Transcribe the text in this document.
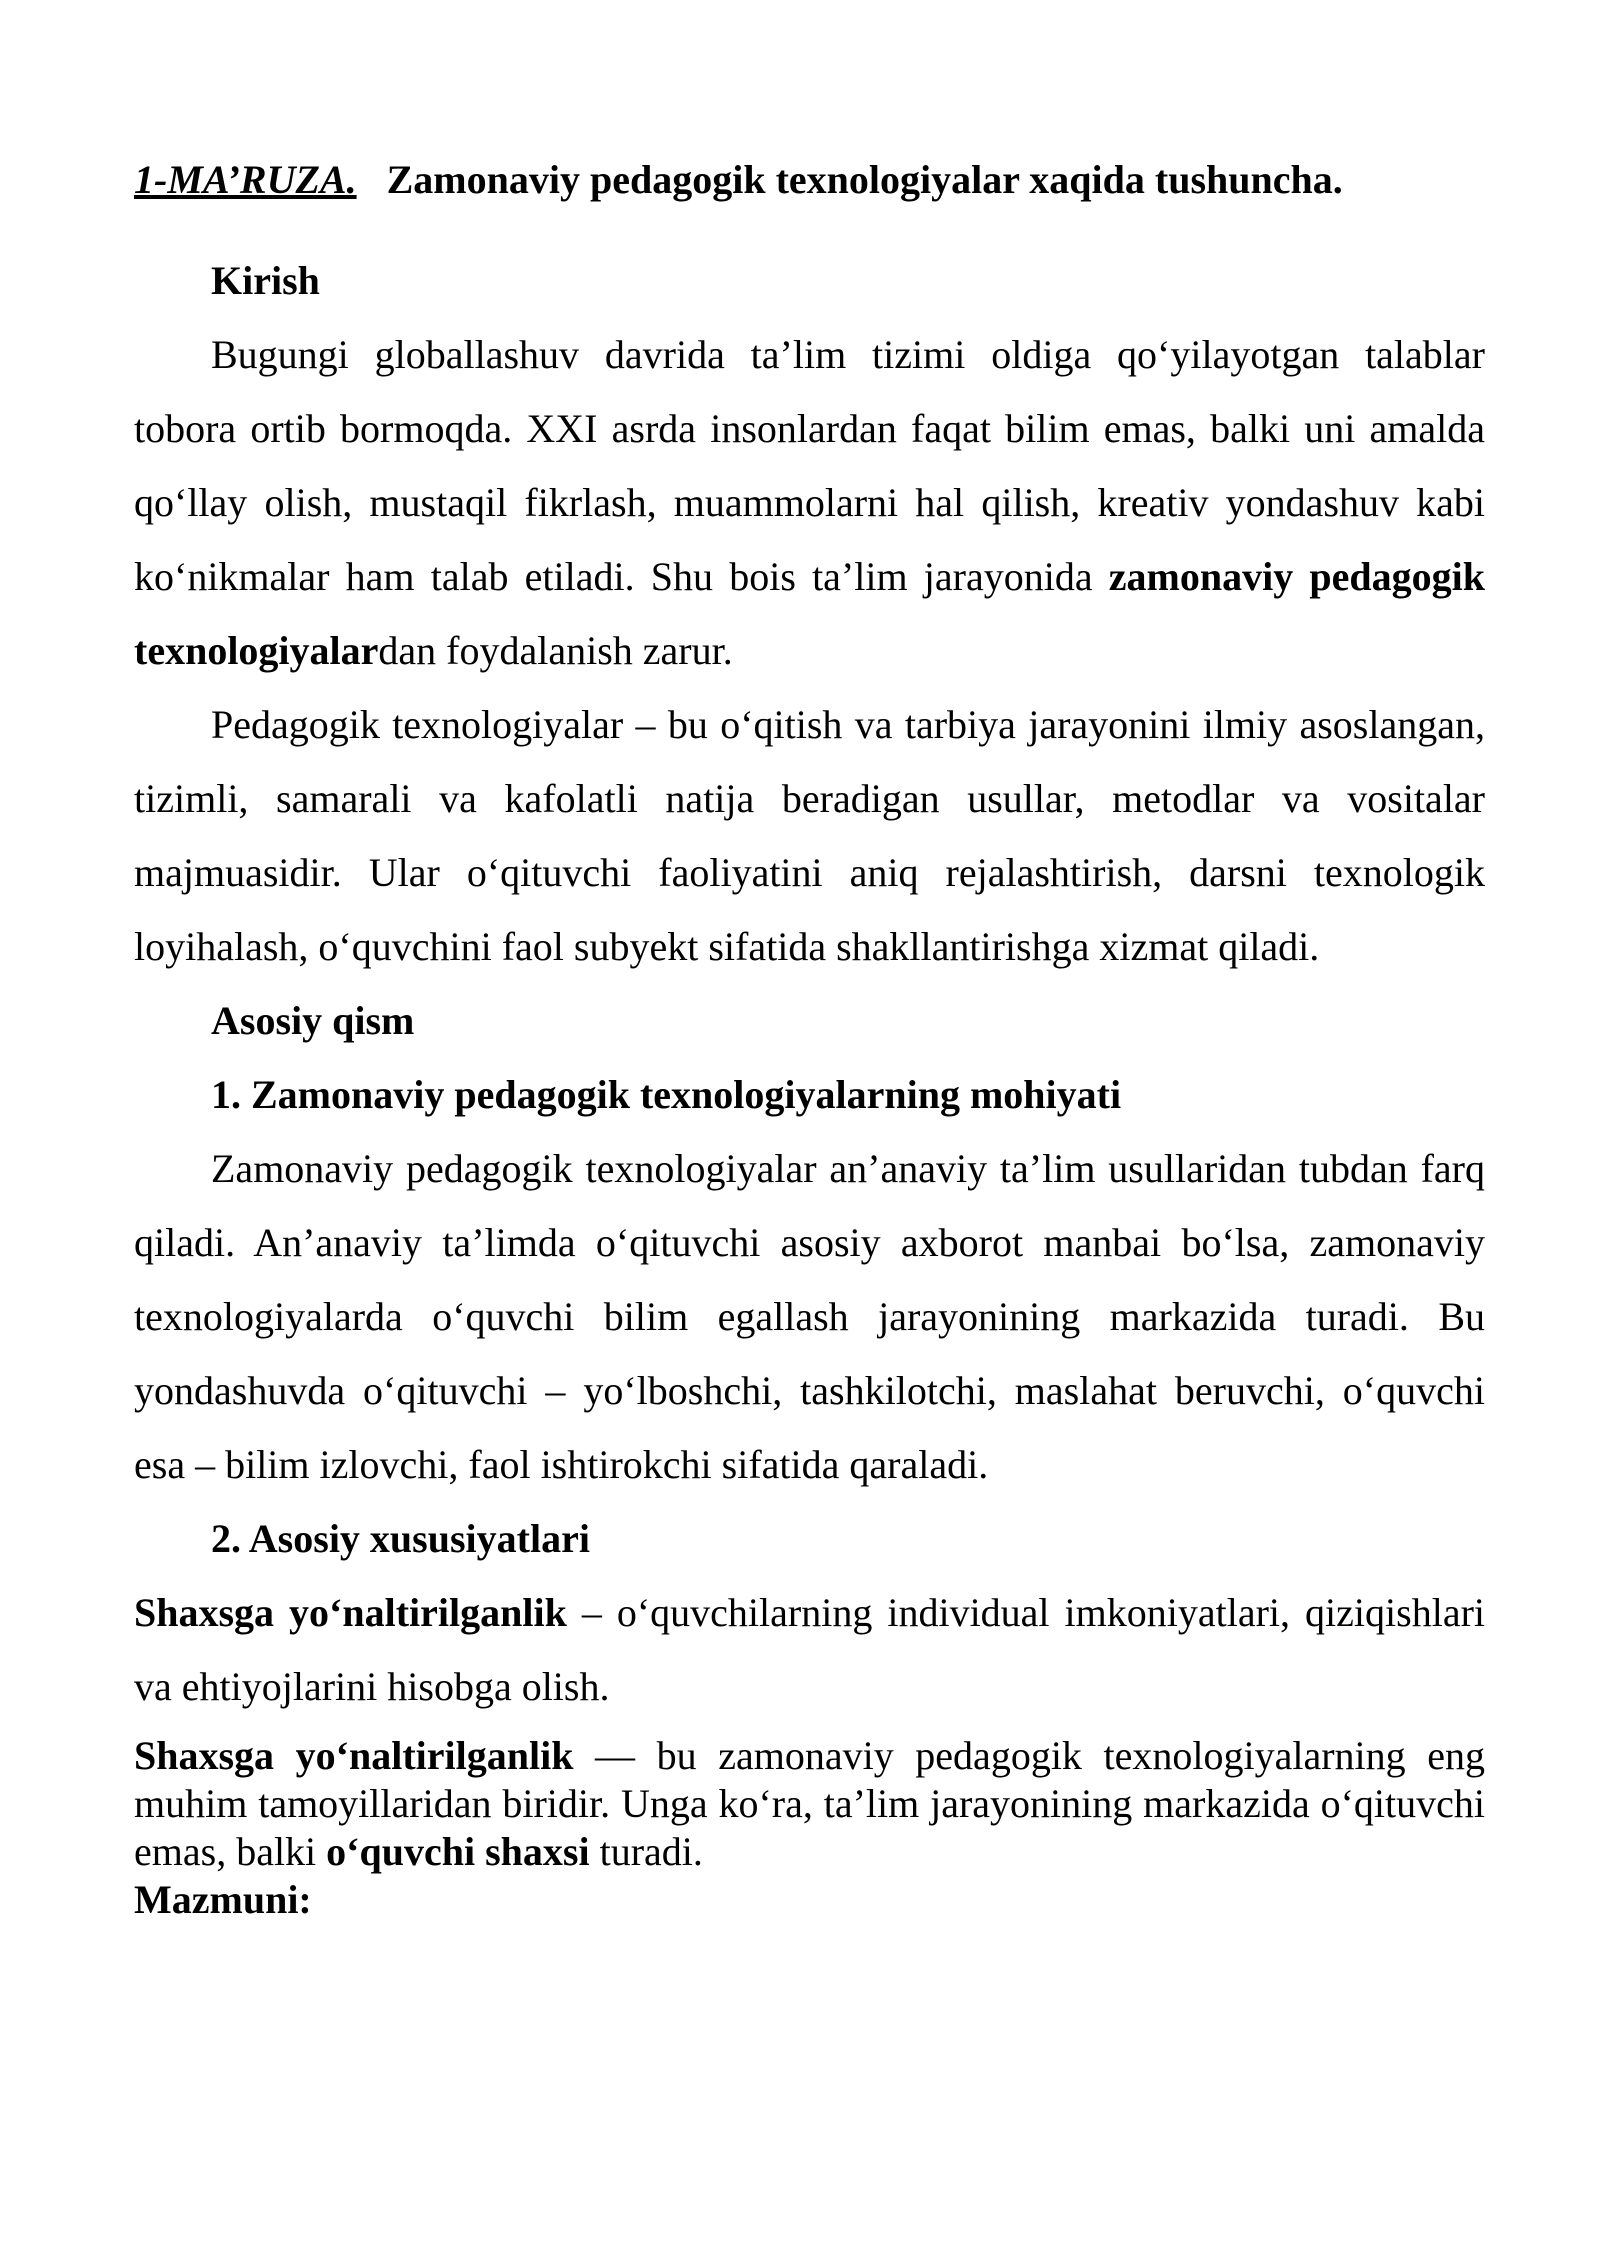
1-MA’RUZA. Zamonaviy pedagogik texnologiyalar xaqida tushuncha.

Kirish

Bugungi globallashuv davrida ta’lim tizimi oldiga qo‘yilayotgan talablar tobora ortib bormoqda. XXI asrda insonlardan faqat bilim emas, balki uni amalda qo‘llay olish, mustaqil fikrlash, muammolarni hal qilish, kreativ yondashuv kabi ko‘nikmalar ham talab etiladi. Shu bois ta’lim jarayonida zamonaviy pedagogik texnologiyalardan foydalanish zarur.

Pedagogik texnologiyalar – bu o‘qitish va tarbiya jarayonini ilmiy asoslangan, tizimli, samarali va kafolatli natija beradigan usullar, metodlar va vositalar majmuasidir. Ular o‘qituvchi faoliyatini aniq rejalashtirish, darsni texnologik loyihalash, o‘quvchini faol subyekt sifatida shakllantirishga xizmat qiladi.

Asosiy qism

1. Zamonaviy pedagogik texnologiyalarning mohiyati

Zamonaviy pedagogik texnologiyalar an’anaviy ta’lim usullaridan tubdan farq qiladi. An’anaviy ta’limda o‘qituvchi asosiy axborot manbai bo‘lsa, zamonaviy texnologiyalarda o‘quvchi bilim egallash jarayonining markazida turadi. Bu yondashuvda o‘qituvchi – yo‘lboshchi, tashkilotchi, maslahat beruvchi, o‘quvchi esa – bilim izlovchi, faol ishtirokchi sifatida qaraladi.

2. Asosiy xususiyatlari

Shaxsga yo‘naltirilganlik – o‘quvchilarning individual imkoniyatlari, qiziqishlari va ehtiyojlarini hisobga olish.

Shaxsga yo‘naltirilganlik — bu zamonaviy pedagogik texnologiyalarning eng muhim tamoyillaridan biridir. Unga ko‘ra, ta’lim jarayonining markazida o‘qituvchi emas, balki o‘quvchi shaxsi turadi.

Mazmuni:
